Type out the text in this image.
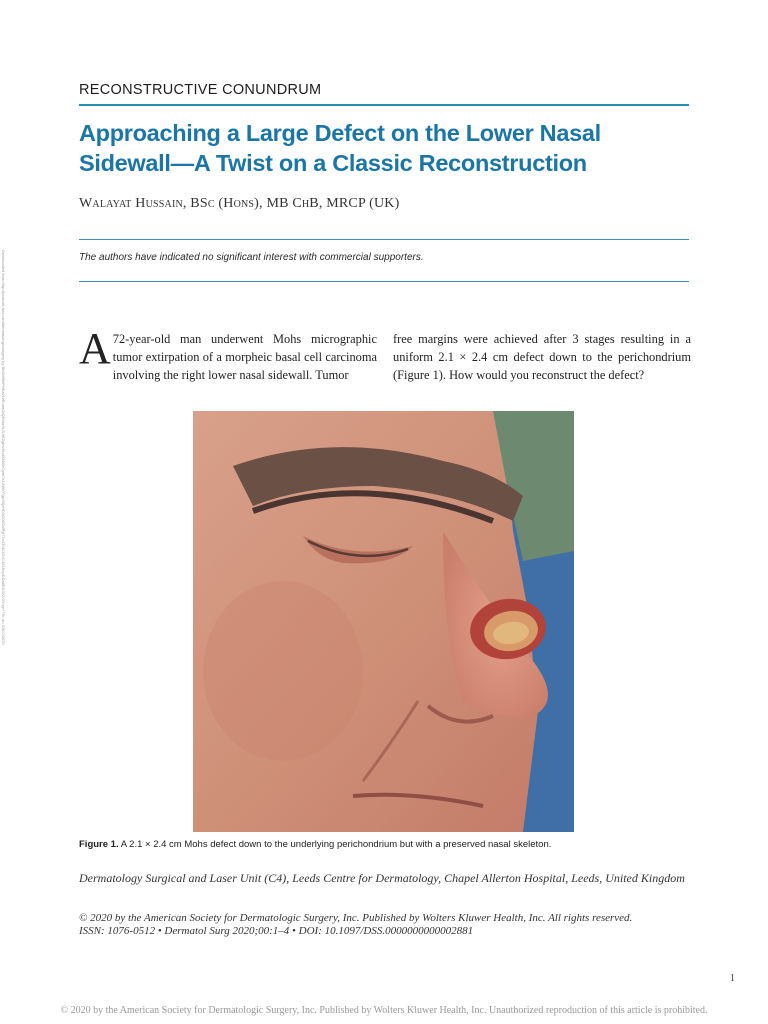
Downloaded from http://journals.lww.com/dermatologicsurgery by BhDMf5ePHKav1zEoum1tQfN4a+kJLhEZgbsIHo4XMi0hCywCX1AWnYQp/IlQrHD3i3D0OdRyi7TvSFl4Cf3VC4/OAVpDDa8KKGKV0Ymy+78= on 03/07/2020
RECONSTRUCTIVE CONUNDRUM
Approaching a Large Defect on the Lower Nasal
Sidewall—A Twist on a Classic Reconstruction
Walayat Hussain, BSc (Hons), MB ChB, MRCP (UK)
The authors have indicated no significant interest with commercial supporters.
A 72-year-old man underwent Mohs micrographic tumor extirpation of a morpheic basal cell carcinoma involving the right lower nasal sidewall. Tumor
free margins were achieved after 3 stages resulting in a uniform 2.1 × 2.4 cm defect down to the perichondrium (Figure 1). How would you reconstruct the defect?
Figure 1. A 2.1 × 2.4 cm Mohs defect down to the underlying perichondrium but with a preserved nasal skeleton.
Dermatology Surgical and Laser Unit (C4), Leeds Centre for Dermatology, Chapel Allerton Hospital, Leeds, United Kingdom
© 2020 by the American Society for Dermatologic Surgery, Inc. Published by Wolters Kluwer Health, Inc. All rights reserved.
ISSN: 1076-0512 • Dermatol Surg 2020;00:1–4 • DOI: 10.1097/DSS.0000000000002881
1
© 2020 by the American Society for Dermatologic Surgery, Inc. Published by Wolters Kluwer Health, Inc. Unauthorized reproduction of this article is prohibited.
